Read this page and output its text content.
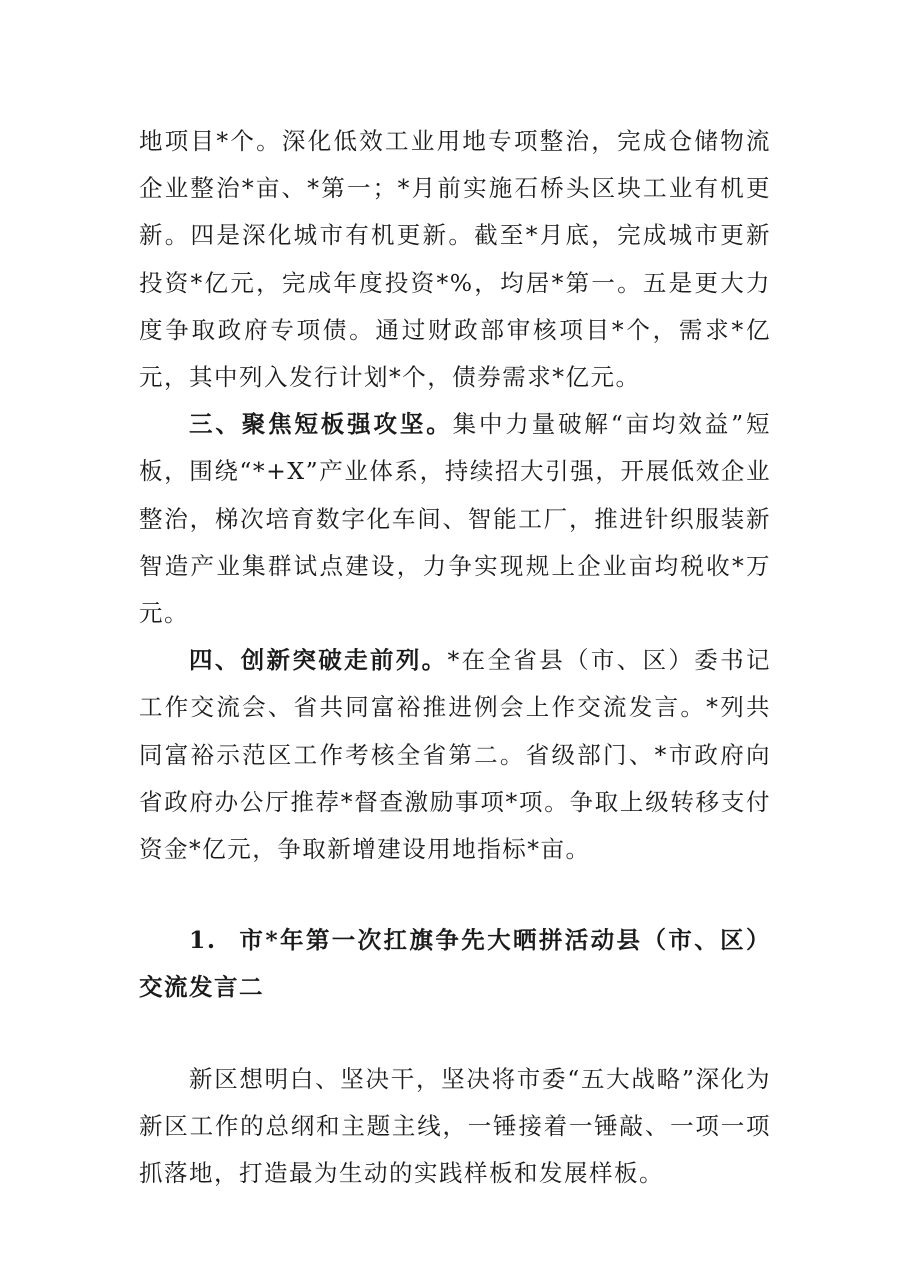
地项目*个。深化低效工业用地专项整治，完成仓储物流企业整治*亩、*第一；*月前实施石桥头区块工业有机更新。四是深化城市有机更新。截至*月底，完成城市更新投资*亿元，完成年度投资*%，均居*第一。五是更大力度争取政府专项债。通过财政部审核项目*个，需求*亿元，其中列入发行计划*个，债券需求*亿元。

三、聚焦短板强攻坚。集中力量破解“亩均效益”短板，围绕“*+X”产业体系，持续招大引强，开展低效企业整治，梯次培育数字化车间、智能工厂，推进针织服装新智造产业集群试点建设，力争实现规上企业亩均税收*万元。

四、创新突破走前列。*在全省县（市、区）委书记工作交流会、省共同富裕推进例会上作交流发言。*列共同富裕示范区工作考核全省第二。省级部门、*市政府向省政府办公厅推荐*督查激励事项*项。争取上级转移支付资金*亿元，争取新增建设用地指标*亩。

1. 市*年第一次扛旗争先大晒拼活动县（市、区）交流发言二

新区想明白、坚决干，坚决将市委“五大战略”深化为新区工作的总纲和主题主线，一锤接着一锤敲、一项一项抓落地，打造最为生动的实践样板和发展样板。
